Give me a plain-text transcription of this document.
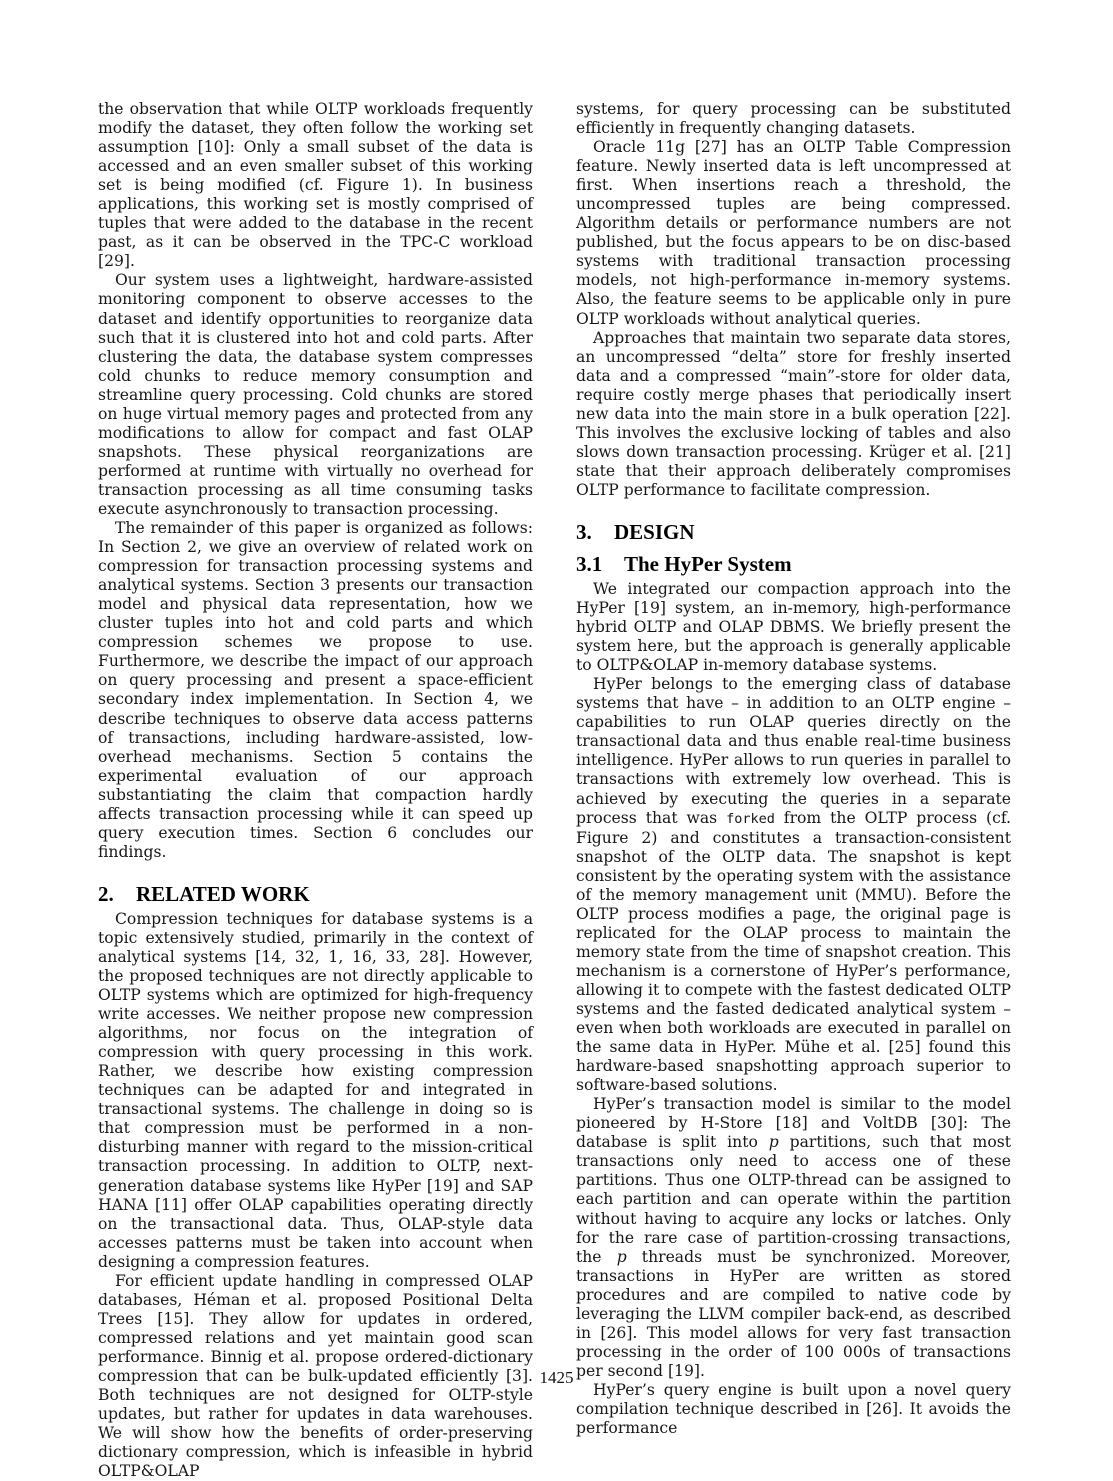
the observation that while OLTP workloads frequently modify the dataset, they often follow the working set assumption [10]: Only a small subset of the data is accessed and an even smaller subset of this working set is being modified (cf. Figure 1). In business applications, this working set is mostly comprised of tuples that were added to the database in the recent past, as it can be observed in the TPC-C workload [29].

Our system uses a lightweight, hardware-assisted monitoring component to observe accesses to the dataset and identify opportunities to reorganize data such that it is clustered into hot and cold parts. After clustering the data, the database system compresses cold chunks to reduce memory consumption and streamline query processing. Cold chunks are stored on huge virtual memory pages and protected from any modifications to allow for compact and fast OLAP snapshots. These physical reorganizations are performed at runtime with virtually no overhead for transaction processing as all time consuming tasks execute asynchronously to transaction processing.

The remainder of this paper is organized as follows: In Section 2, we give an overview of related work on compression for transaction processing systems and analytical systems. Section 3 presents our transaction model and physical data representation, how we cluster tuples into hot and cold parts and which compression schemes we propose to use. Furthermore, we describe the impact of our approach on query processing and present a space-efficient secondary index implementation. In Section 4, we describe techniques to observe data access patterns of transactions, including hardware-assisted, low-overhead mechanisms. Section 5 contains the experimental evaluation of our approach substantiating the claim that compaction hardly affects transaction processing while it can speed up query execution times. Section 6 concludes our findings.

2. RELATED WORK

Compression techniques for database systems is a topic extensively studied, primarily in the context of analytical systems [14, 32, 1, 16, 33, 28]. However, the proposed techniques are not directly applicable to OLTP systems which are optimized for high-frequency write accesses. We neither propose new compression algorithms, nor focus on the integration of compression with query processing in this work. Rather, we describe how existing compression techniques can be adapted for and integrated in transactional systems. The challenge in doing so is that compression must be performed in a non-disturbing manner with regard to the mission-critical transaction processing. In addition to OLTP, next-generation database systems like HyPer [19] and SAP HANA [11] offer OLAP capabilities operating directly on the transactional data. Thus, OLAP-style data accesses patterns must be taken into account when designing a compression features.

For efficient update handling in compressed OLAP databases, Héman et al. proposed Positional Delta Trees [15]. They allow for updates in ordered, compressed relations and yet maintain good scan performance. Binnig et al. propose ordered-dictionary compression that can be bulk-updated efficiently [3]. Both techniques are not designed for OLTP-style updates, but rather for updates in data warehouses. We will show how the benefits of order-preserving dictionary compression, which is infeasible in hybrid OLTP&OLAP

systems, for query processing can be substituted efficiently in frequently changing datasets.

Oracle 11g [27] has an OLTP Table Compression feature. Newly inserted data is left uncompressed at first. When insertions reach a threshold, the uncompressed tuples are being compressed. Algorithm details or performance numbers are not published, but the focus appears to be on disc-based systems with traditional transaction processing models, not high-performance in-memory systems. Also, the feature seems to be applicable only in pure OLTP workloads without analytical queries.

Approaches that maintain two separate data stores, an uncompressed “delta” store for freshly inserted data and a compressed “main”-store for older data, require costly merge phases that periodically insert new data into the main store in a bulk operation [22]. This involves the exclusive locking of tables and also slows down transaction processing. Krüger et al. [21] state that their approach deliberately compromises OLTP performance to facilitate compression.

3. DESIGN
3.1 The HyPer System

We integrated our compaction approach into the HyPer [19] system, an in-memory, high-performance hybrid OLTP and OLAP DBMS. We briefly present the system here, but the approach is generally applicable to OLTP&OLAP in-memory database systems.

HyPer belongs to the emerging class of database systems that have – in addition to an OLTP engine – capabilities to run OLAP queries directly on the transactional data and thus enable real-time business intelligence. HyPer allows to run queries in parallel to transactions with extremely low overhead. This is achieved by executing the queries in a separate process that was forked from the OLTP process (cf. Figure 2) and constitutes a transaction-consistent snapshot of the OLTP data. The snapshot is kept consistent by the operating system with the assistance of the memory management unit (MMU). Before the OLTP process modifies a page, the original page is replicated for the OLAP process to maintain the memory state from the time of snapshot creation. This mechanism is a cornerstone of HyPer’s performance, allowing it to compete with the fastest dedicated OLTP systems and the fasted dedicated analytical system – even when both workloads are executed in parallel on the same data in HyPer. Mühe et al. [25] found this hardware-based snapshotting approach superior to software-based solutions.

HyPer’s transaction model is similar to the model pioneered by H-Store [18] and VoltDB [30]: The database is split into p partitions, such that most transactions only need to access one of these partitions. Thus one OLTP-thread can be assigned to each partition and can operate within the partition without having to acquire any locks or latches. Only for the rare case of partition-crossing transactions, the p threads must be synchronized. Moreover, transactions in HyPer are written as stored procedures and are compiled to native code by leveraging the LLVM compiler back-end, as described in [26]. This model allows for very fast transaction processing in the order of 100 000s of transactions per second [19].

HyPer’s query engine is built upon a novel query compilation technique described in [26]. It avoids the performance

1425
